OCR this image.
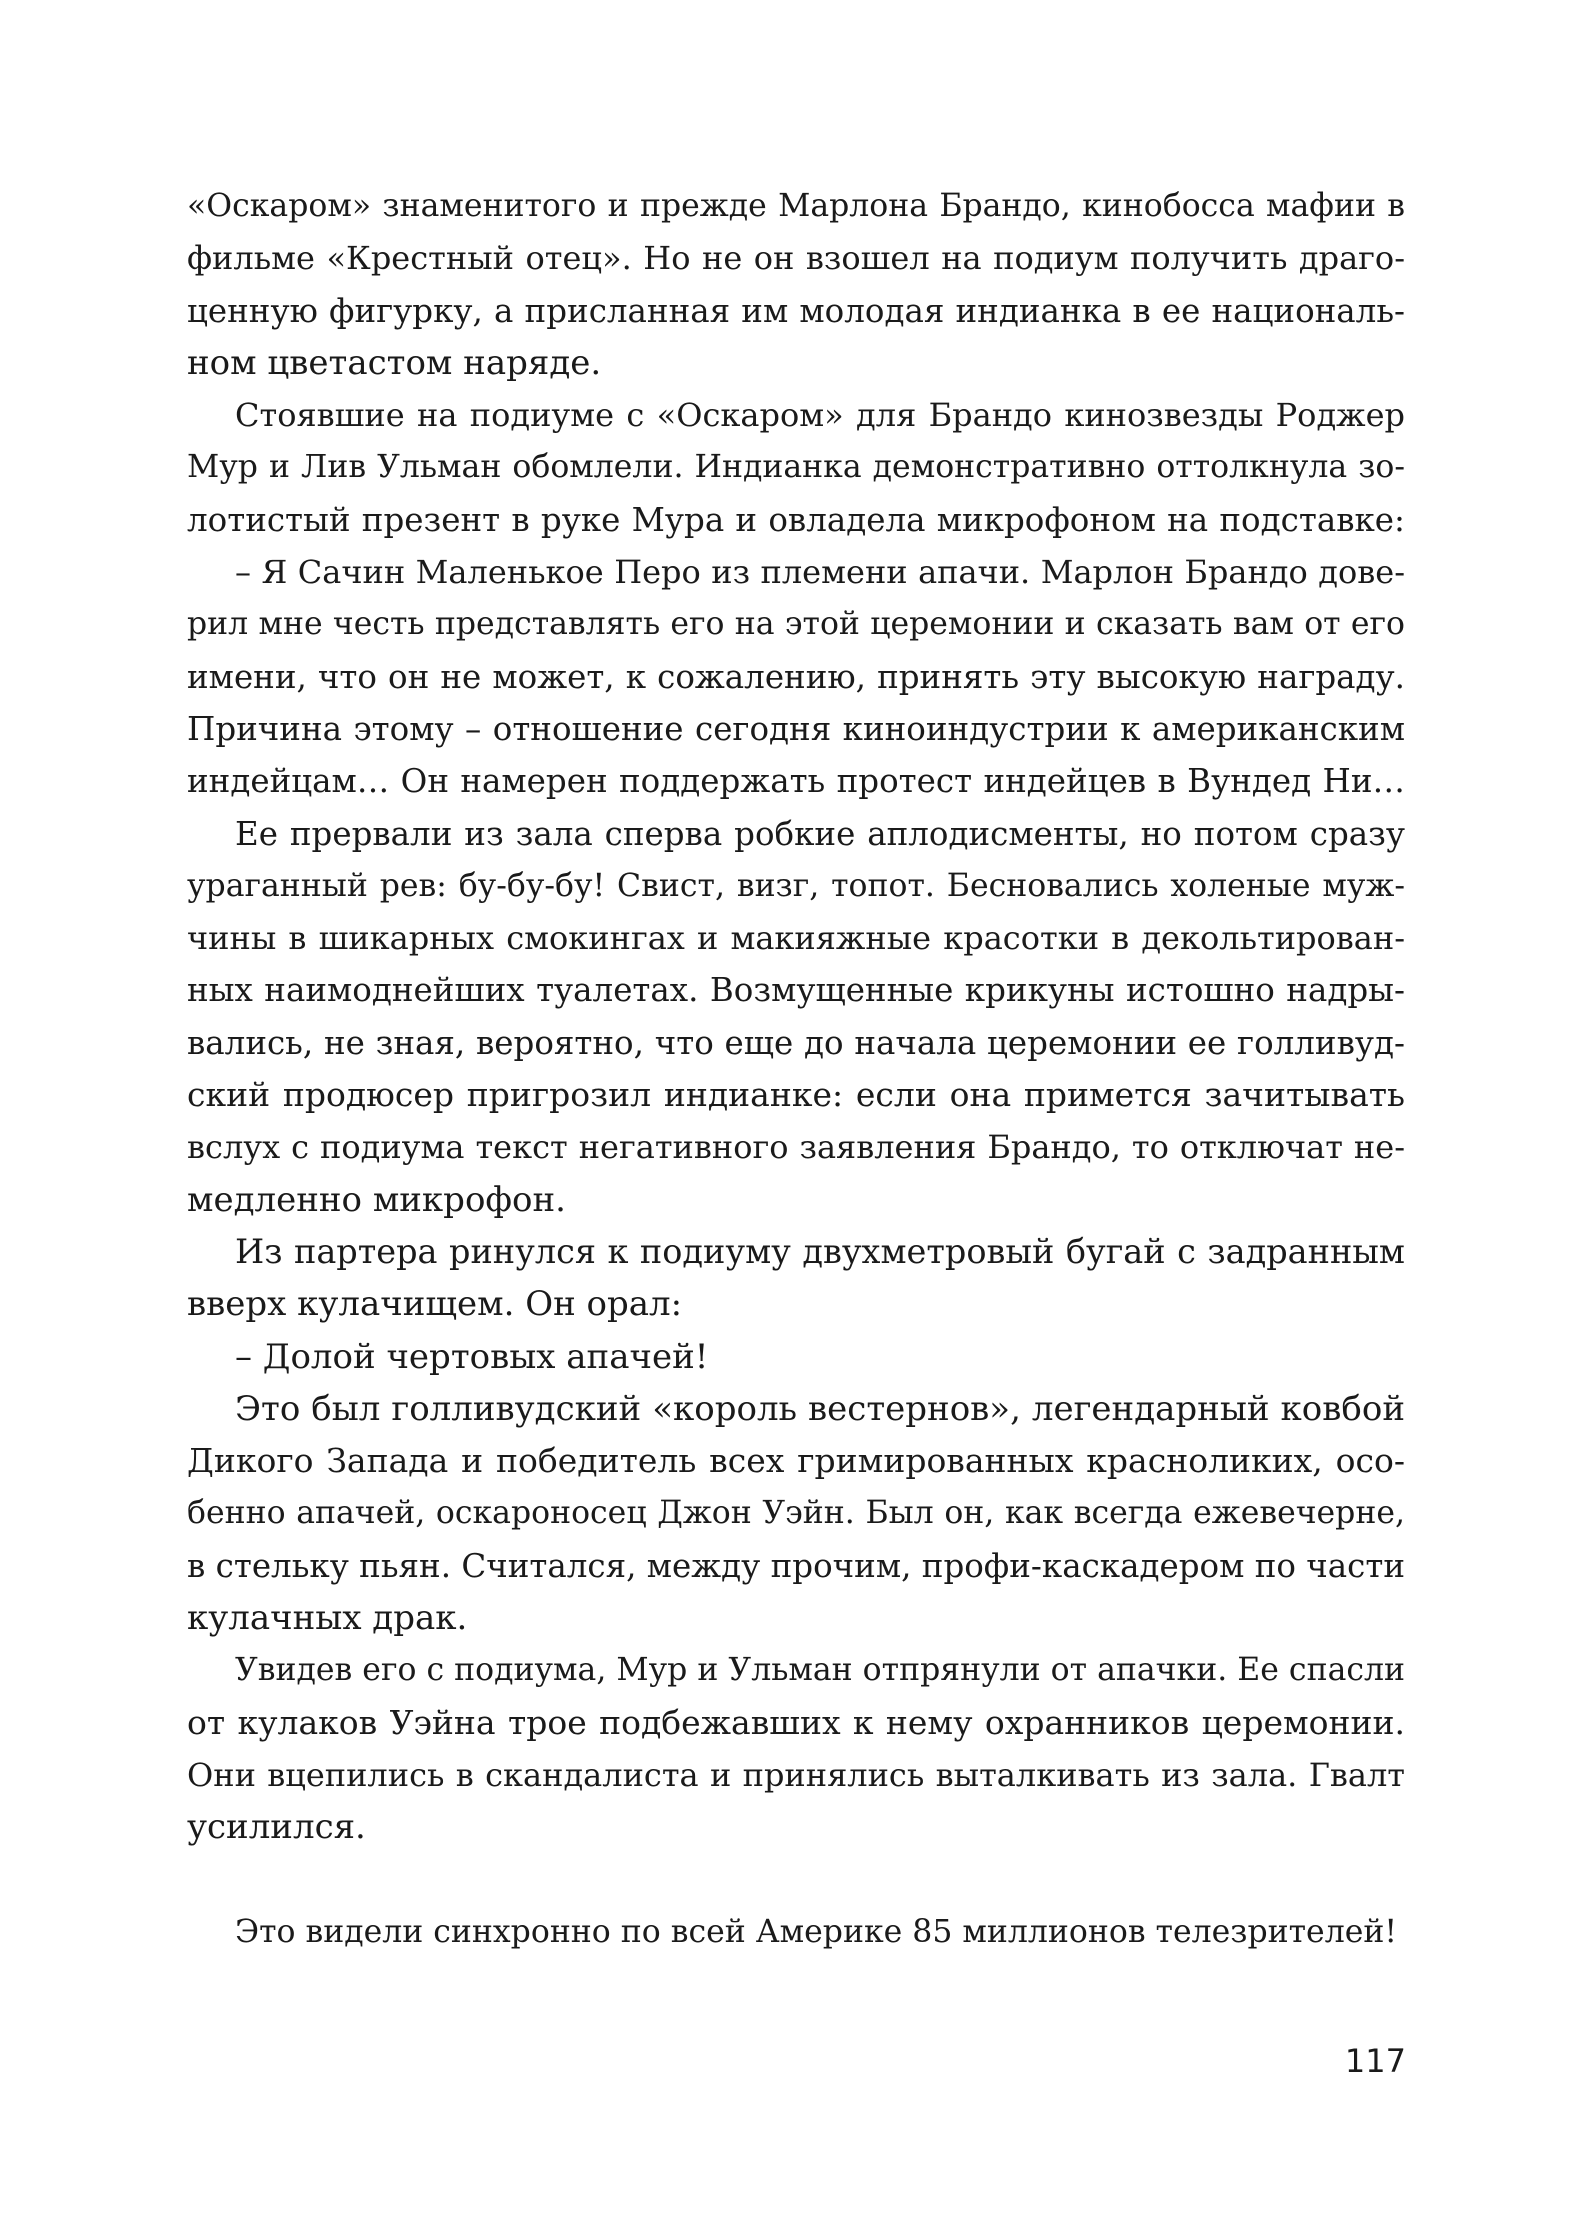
«Оскаром» знаменитого и прежде Марлона Брандо, кинобосса мафии в
фильме «Крестный отец». Но не он взошел на подиум получить драго-
ценную фигурку, а присланная им молодая индианка в ее националь-
ном цветастом наряде.
Стоявшие на подиуме с «Оскаром» для Брандо кинозвезды Роджер
Мур и Лив Ульман обомлели. Индианка демонстративно оттолкнула зо-
лотистый презент в руке Мура и овладела микрофоном на подставке:
– Я Сачин Маленькое Перо из племени апачи. Марлон Брандо дове-
рил мне честь представлять его на этой церемонии и сказать вам от его
имени, что он не может, к сожалению, принять эту высокую награду.
Причина этому – отношение сегодня киноиндустрии к американским
индейцам… Он намерен поддержать протест индейцев в Вундед Ни…
Ее прервали из зала сперва робкие аплодисменты, но потом сразу
ураганный рев: бу-бу-бу! Свист, визг, топот. Бесновались холеные муж-
чины в шикарных смокингах и макияжные красотки в декольтирован-
ных наимоднейших туалетах. Возмущенные крикуны истошно надры-
вались, не зная, вероятно, что еще до начала церемонии ее голливуд-
ский продюсер пригрозил индианке: если она примется зачитывать
вслух с подиума текст негативного заявления Брандо, то отключат не-
медленно микрофон.
Из партера ринулся к подиуму двухметровый бугай с задранным
вверх кулачищем. Он орал:
– Долой чертовых апачей!
Это был голливудский «король вестернов», легендарный ковбой
Дикого Запада и победитель всех гримированных красноликих, осо-
бенно апачей, оскароносец Джон Уэйн. Был он, как всегда ежевечерне,
в стельку пьян. Считался, между прочим, профи-каскадером по части
кулачных драк.
Увидев его с подиума, Мур и Ульман отпрянули от апачки. Ее спасли
от кулаков Уэйна трое подбежавших к нему охранников церемонии.
Они вцепились в скандалиста и принялись выталкивать из зала. Гвалт
усилился.
Это видели синхронно по всей Америке 85 миллионов телезрителей!
117
